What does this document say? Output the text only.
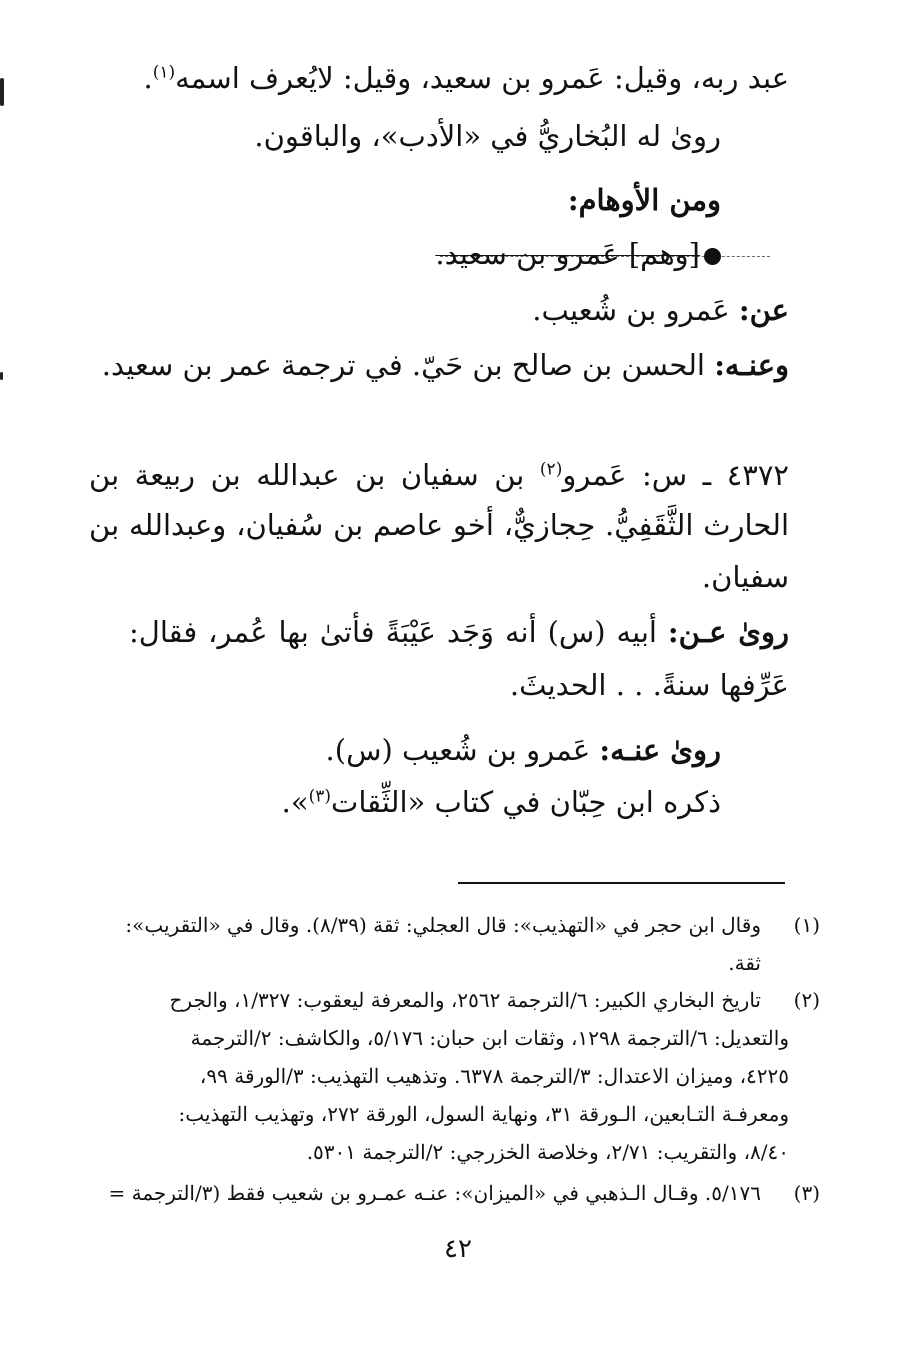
عبد ربه، وقيل: عَمرو بن سعيد، وقيل: لايُعرف اسمه$^{(١)}$.
روىٰ له البُخاريُّ في «الأدب»، والباقون.
ومن الأوهام:
[وهم] عَمرو بن سعيد.
عن: عَمرو بن شُعيب.
وعنـه: الحسن بن صالح بن حَيّ. في ترجمة عمر بن سعيد.
٤٣٧٢ ـ س: عَمرو$^{(٢)}$ بن سفيان بن عبدالله بن ربيعة بن
الحارث الثَّقَفِيُّ. حِجازيٌّ، أخو عاصم بن سُفيان، وعبدالله بن
سفيان.
روىٰ عـن: أبيه (س) أنه وَجَد عَيْبَةً فأتىٰ بها عُمر، فقال:
عَرِّفها سنةً. . . الحديثَ.
روىٰ عنـه: عَمرو بن شُعيب (س).
ذكره ابن حِبّان في كتاب «الثِّقات$^{(٣)}$».
(١)
وقال ابن حجر في «التهذيب»: قال العجلي: ثقة (٨/٣٩). وقال في «التقريب»:
ثقة.
(٢)
تاريخ البخاري الكبير: ٦/الترجمة ٢٥٦٢، والمعرفة ليعقوب: ١/٣٢٧، والجرح
والتعديل: ٦/الترجمة ١٢٩٨، وثقات ابن حبان: ٥/١٧٦، والكاشف: ٢/الترجمة
٤٢٢٥، وميزان الاعتدال: ٣/الترجمة ٦٣٧٨. وتذهيب التهذيب: ٣/الورقة ٩٩،
ومعرفـة التـابعين، الـورقة ٣١، ونهاية السول، الورقة ٢٧٢، وتهذيب التهذيب:
٨/٤٠، والتقريب: ٢/٧١، وخلاصة الخزرجي: ٢/الترجمة ٥٣٠١.
(٣)
٥/١٧٦. وقـال الـذهبي في «الميزان»: عنـه عمـرو بن شعيب فقط (٣/الترجمة =
٤٢
